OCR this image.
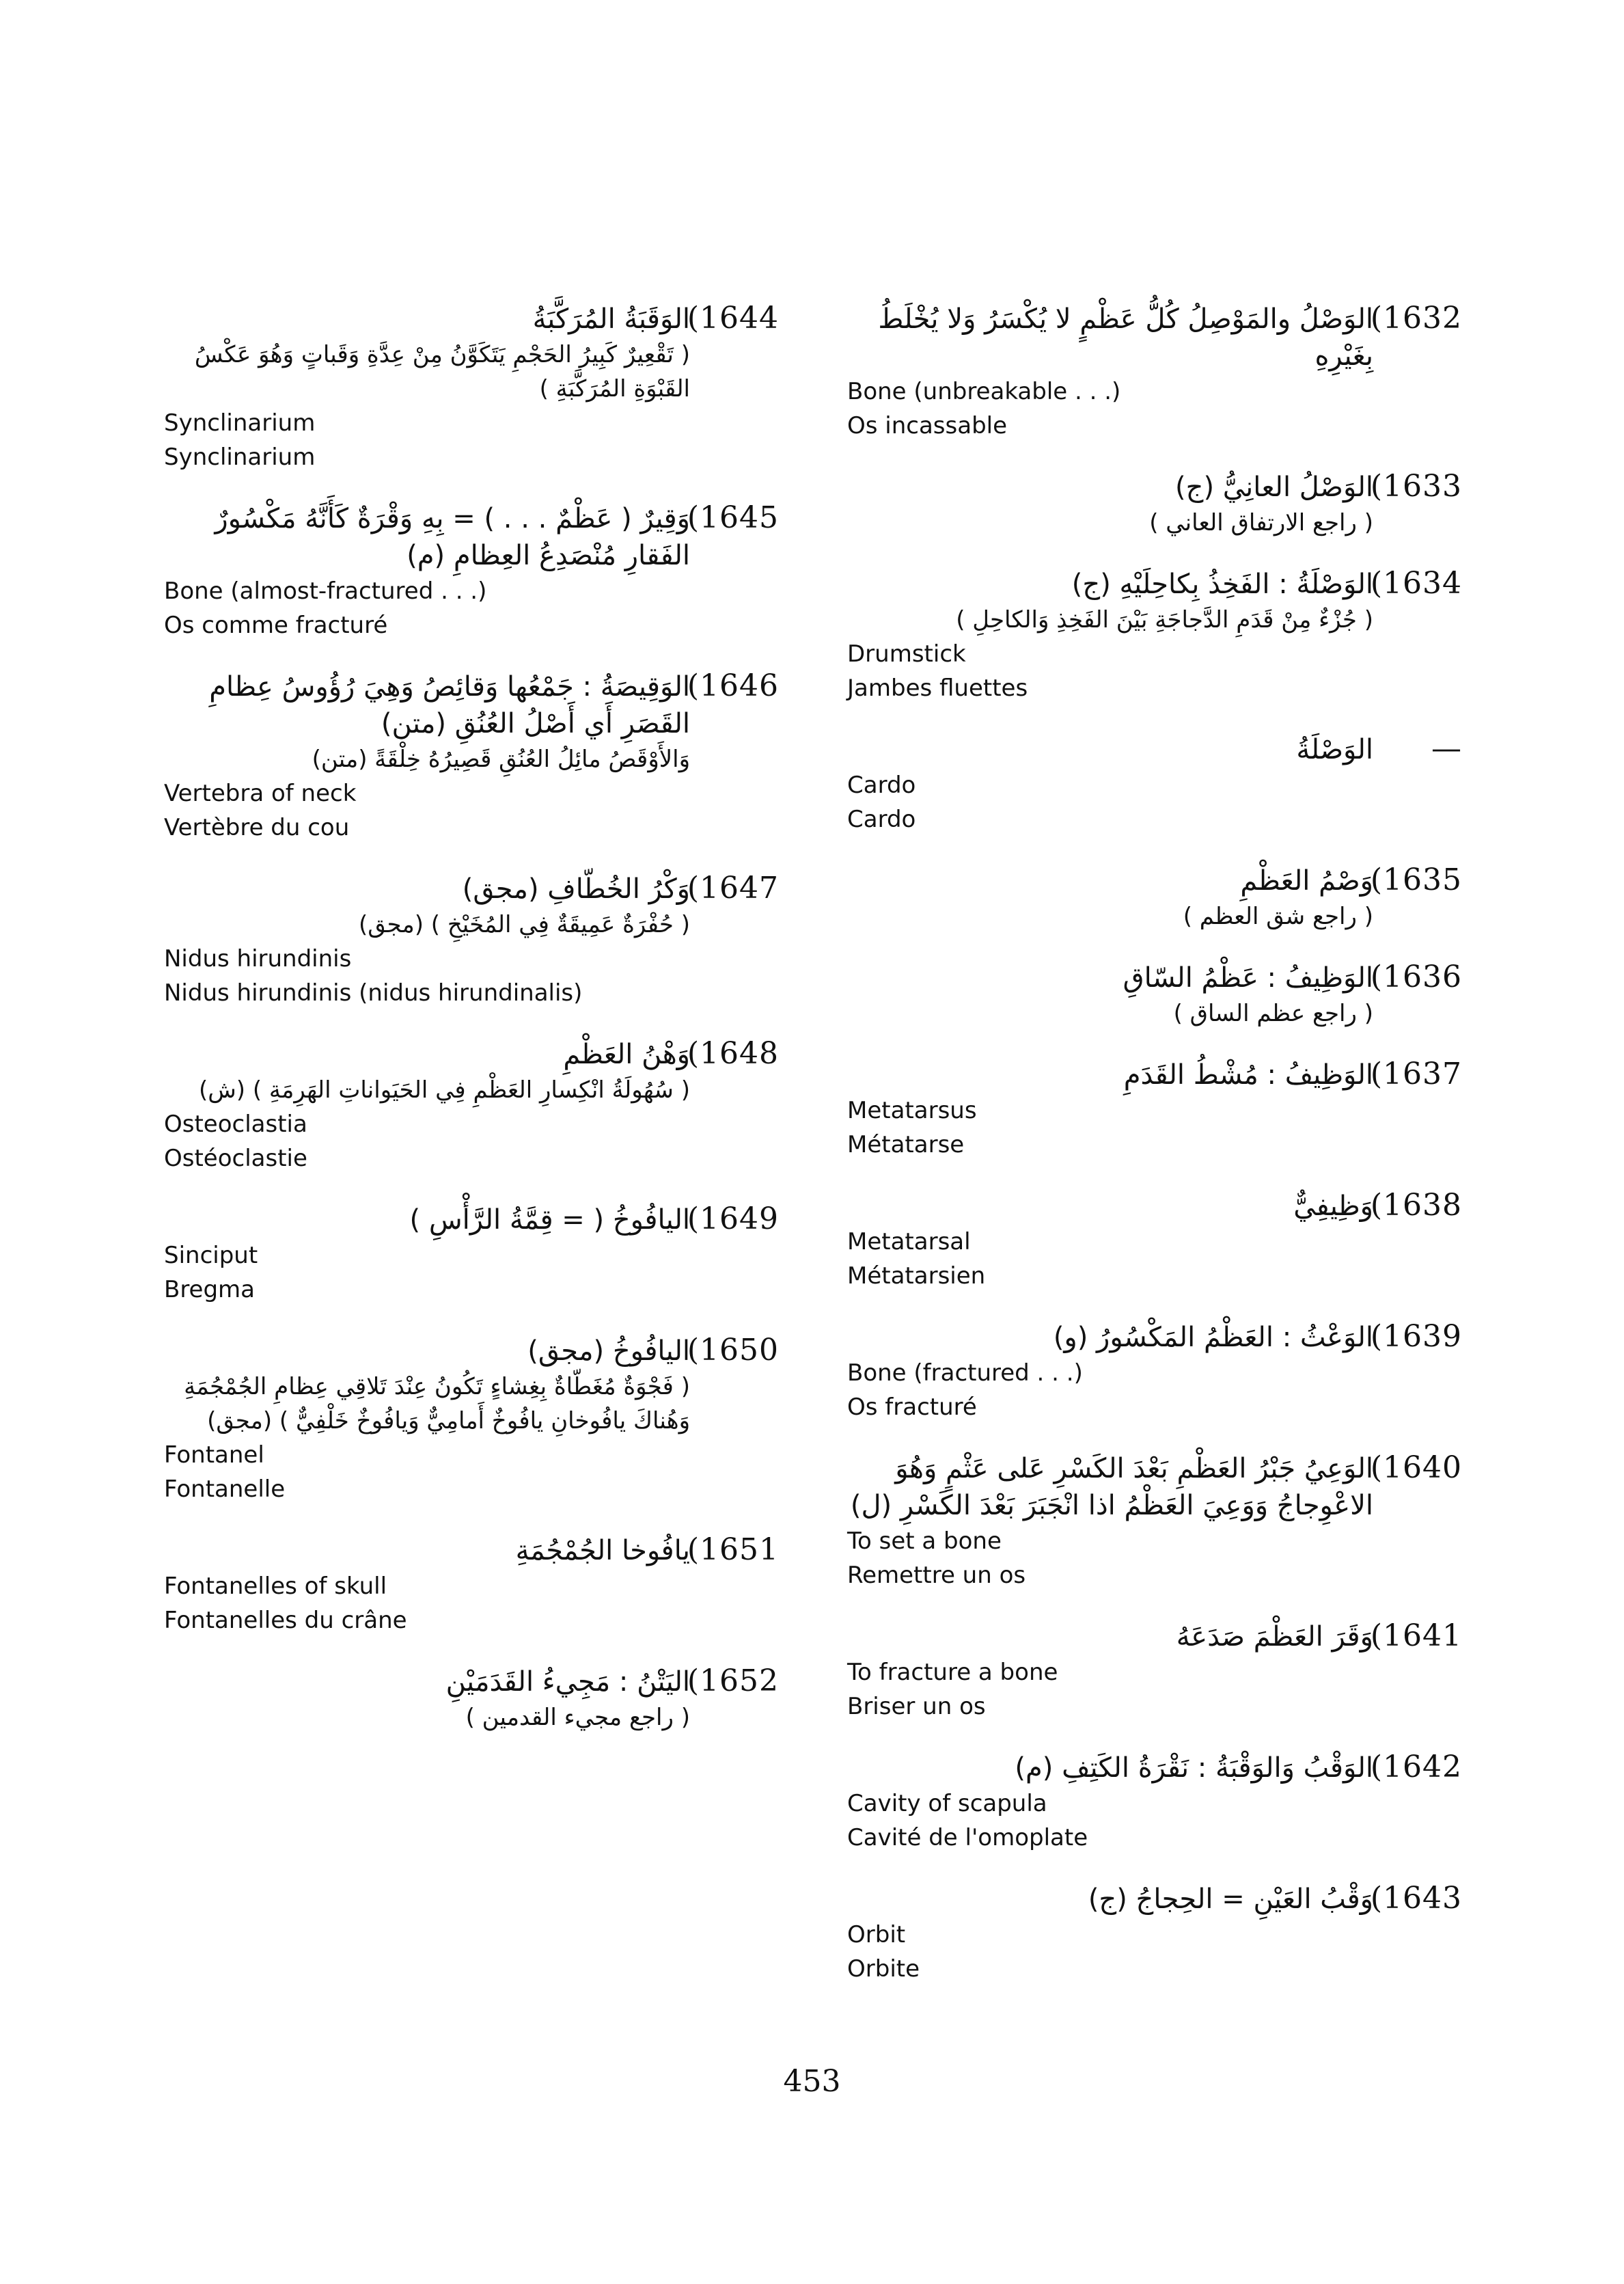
(1632
الوَصْلُ والمَوْصِلُ كُلُّ عَظْمٍ لا يُكْسَرُ وَلا يُخْلَطُ بِغَيْرِهِ
Bone (unbreakable . . .)
Os incassable
(1633
الوَصْلُ العانِيُّ (ج)
( راجع الارتفاق العاني )
(1634
الوَصْلَةُ : الفَخِذُ بِكاحِلَيْهِ (ج)
( جُزْءٌ مِنْ قَدَمِ الدَّجاجَةِ بَيْنَ الفَخِذِ وَالكاحِلِ )
Drumstick
Jambes fluettes
—
الوَصْلَةُ
Cardo
Cardo
(1635
وَصْمُ العَظْمِ
( راجع شق العظم )
(1636
الوَظِيفُ : عَظْمُ السّاقِ
( راجع عظم الساق )
(1637
الوَظِيفُ : مُشْطُ القَدَمِ
Metatarsus
Métatarse
(1638
وَظِيفِيٌّ
Metatarsal
Métatarsien
(1639
الوَعْثُ : العَظْمُ المَكْسُورُ (و)
Bone (fractured . . .)
Os fracturé
(1640
الوَعِيُ جَبْرُ العَظْمِ بَعْدَ الكَسْرِ عَلى عَثْمٍ وَهُوَ الاعْوِجاجُ وَوَعِيَ العَظْمُ اذا انْجَبَرَ بَعْدَ الكَسْرِ (ل)
To set a bone
Remettre un os
(1641
وَقَرَ العَظْمَ صَدَعَهُ
To fracture a bone
Briser un os
(1642
الوَقْبُ وَالوَقْبَةُ : نَقْرَةُ الكَتِفِ (م)
Cavity of scapula
Cavité de l'omoplate
(1643
وَقْبُ العَيْنِ = الحِجاجُ (ج)
Orbit
Orbite
(1644
الوَقَبَةُ المُرَكَّبَةُ
( تَقْعِيرٌ كَبِيرُ الحَجْمِ يَتَكَوَّنُ مِنْ عِدَّةِ وَقَباتٍ وَهُوَ عَكْسُ القَبْوَةِ المُرَكَّبَةِ )
Synclinarium
Synclinarium
(1645
وَقِيرٌ ( عَظْمٌ . . . ) = بِهِ وَقْرَةٌ كَأَنَّهُ مَكْسُورٌ الفَقارِ مُنْصَدِعُ العِظامِ (م)
Bone (almost-fractured . . .)
Os comme fracturé
(1646
الوَقِيصَةُ : جَمْعُها وَقائِصُ وَهِيَ رُؤُوسُ عِظامِ القَصَرِ أَي أَصْلُ العُنُقِ (متن)
وَالأَوْقَصُ مائِلُ العُنُقِ قَصِيرُهُ خِلْقَةً (متن)
Vertebra of neck
Vertèbre du cou
(1647
وَكْرُ الخُطّافِ (مجق)
( حُفْرَةٌ عَمِيقَةٌ فِي المُخَيْخِ ) (مجق)
Nidus hirundinis
Nidus hirundinis (nidus hirundinalis)
(1648
وَهْنُ العَظْمِ
( سُهُولَةُ انْكِسارِ العَظْمِ فِي الحَيَواناتِ الهَرِمَةِ ) (ش)
Osteoclastia
Ostéoclastie
(1649
اليافُوخُ ( = قِمَّةُ الرَّأْسِ )
Sinciput
Bregma
(1650
اليافُوخُ (مجق)
( فَجْوَةٌ مُغَطّاةٌ بِغِشاءٍ تَكُونُ عِنْدَ تَلاقِي عِظامِ الجُمْجُمَةِ وَهُناكَ يافُوخانِ يافُوخٌ أَمامِيٌّ وَيافُوخٌ خَلْفِيٌّ ) (مجق)
Fontanel
Fontanelle
(1651
يافُوخا الجُمْجُمَةِ
Fontanelles of skull
Fontanelles du crâne
(1652
اليَتْنُ : مَجِيءُ القَدَمَيْنِ
( راجع مجيء القدمين )
453
